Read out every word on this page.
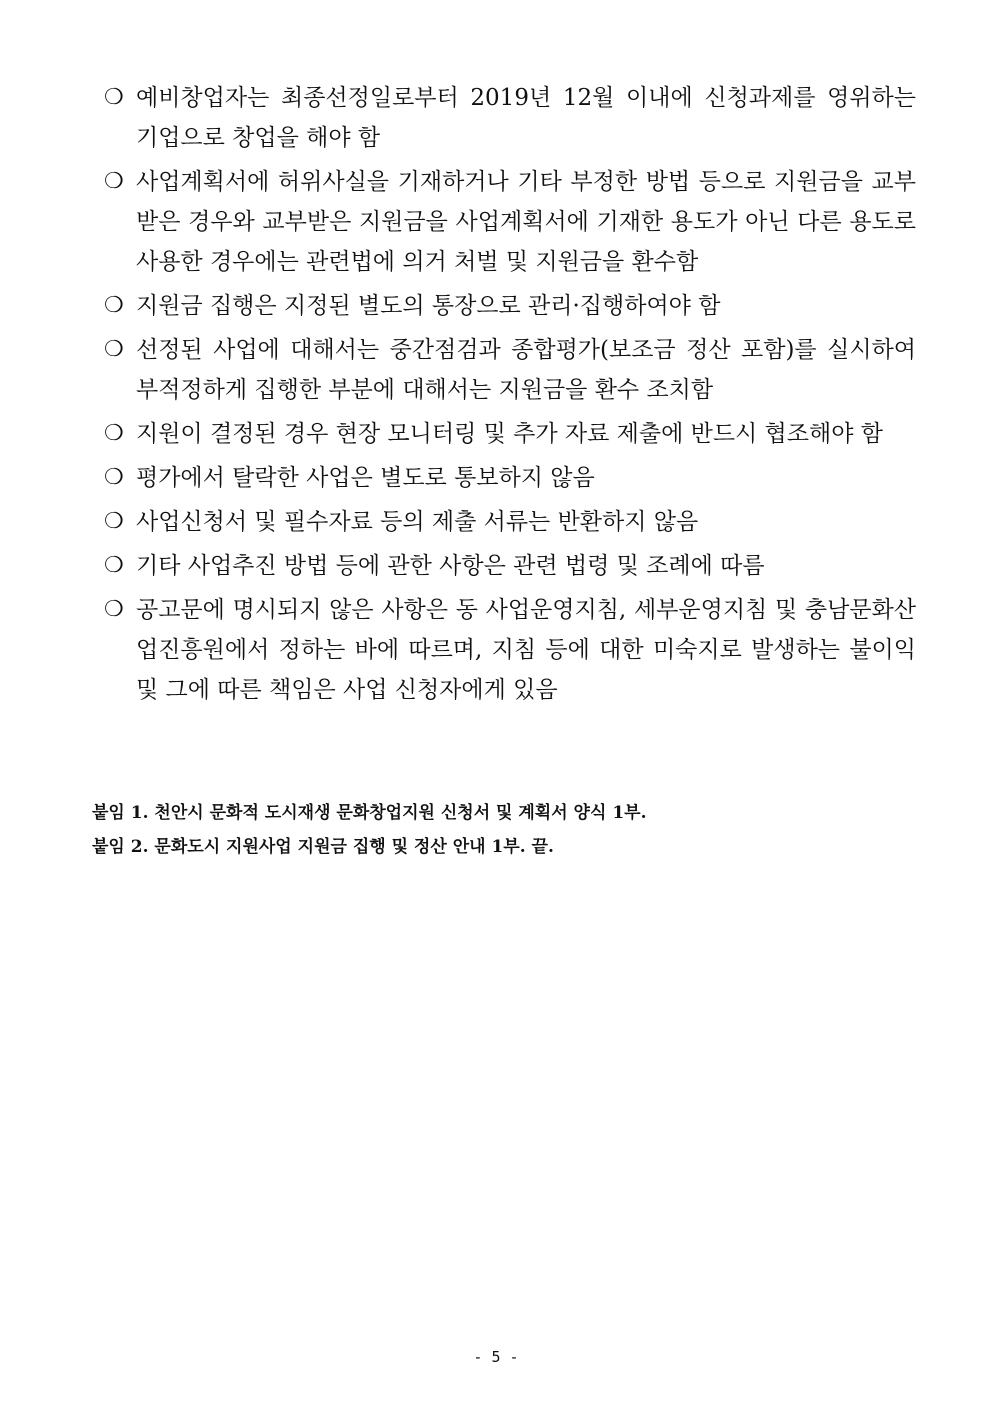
❍ 예비창업자는 최종선정일로부터 2019년 12월 이내에 신청과제를 영위하는 기업으로 창업을 해야 함
❍ 사업계획서에 허위사실을 기재하거나 기타 부정한 방법 등으로 지원금을 교부받은 경우와 교부받은 지원금을 사업계획서에 기재한 용도가 아닌 다른 용도로 사용한 경우에는 관련법에 의거 처벌 및 지원금을 환수함
❍ 지원금 집행은 지정된 별도의 통장으로 관리·집행하여야 함
❍ 선정된 사업에 대해서는 중간점검과 종합평가(보조금 정산 포함)를 실시하여 부적정하게 집행한 부분에 대해서는 지원금을 환수 조치함
❍ 지원이 결정된 경우 현장 모니터링 및 추가 자료 제출에 반드시 협조해야 함
❍ 평가에서 탈락한 사업은 별도로 통보하지 않음
❍ 사업신청서 및 필수자료 등의 제출 서류는 반환하지 않음
❍ 기타 사업추진 방법 등에 관한 사항은 관련 법령 및 조례에 따름
❍ 공고문에 명시되지 않은 사항은 동 사업운영지침, 세부운영지침 및 충남문화산업진흥원에서 정하는 바에 따르며, 지침 등에 대한 미숙지로 발생하는 불이익 및 그에 따른 책임은 사업 신청자에게 있음
붙임 1. 천안시 문화적 도시재생 문화창업지원 신청서 및 계획서 양식 1부.
붙임 2. 문화도시 지원사업 지원금 집행 및 정산 안내 1부. 끝.
- 5 -
